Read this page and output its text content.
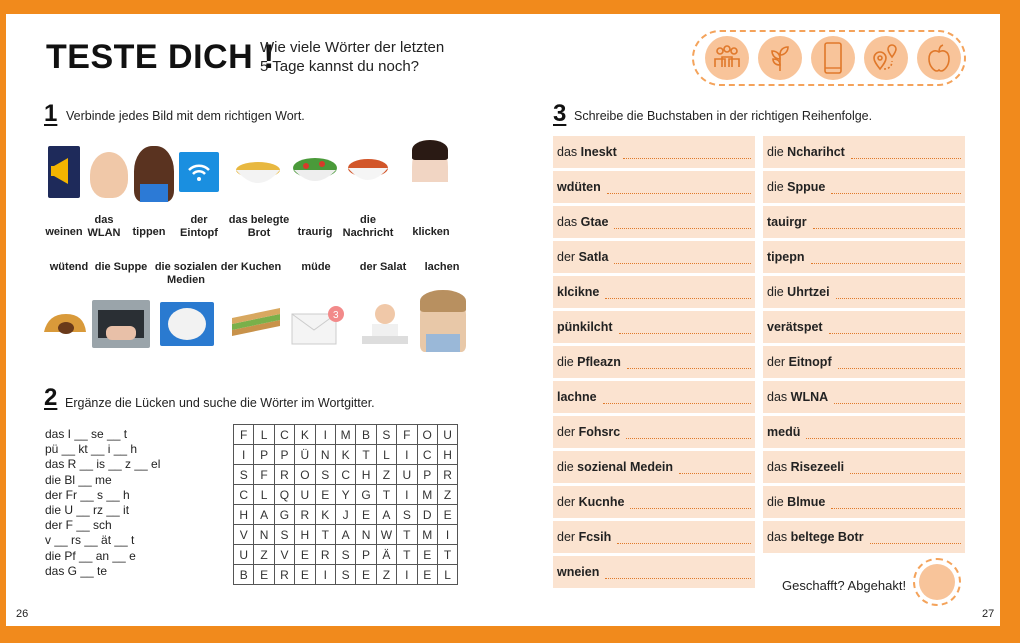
TESTE DICH !
Wie viele Wörter der letzten
5 Tage kannst du noch?
1 Verbinde jedes Bild mit dem richtigen Wort.
weinen
das WLAN	tippen
der Eintopf
das belegte Brot	traurig
die Nachricht	klicken
wütend die Suppe die sozialen Medien
der Kuchen	müde	der Salat	lachen
3
2 Ergänze die Lücken und suche die Wörter im Wortgitter.
das I __ se __ t
pü __ kt __ i __ h
das R __ is __ z __ el
die Bl __ me
der Fr __ s __ h
die U __ rz __ it
der F __ sch
v __ rs __ ät __ t
die Pf __ an __ e
das G __ te
F	L	C	K	I	M	B	S	F	O	U
I	P	P	Ü	N	K	T	L	I	C	H
S	F	R	O	S	C	H	Z	U	P	R
C	L	Q	U	E	Y	G	T	I	M	Z
H	A	G	R	K	J	E	A	S	D	E
V	N	S	H	T	A	N	W	T	M	I
U	Z	V	E	R	S	P	Ä	T	E	T
B	E	R	E	I	S	E	Z	I	E	L
3 Schreibe die Buchstaben in der richtigen Reihenfolge.
das Ineskt
wdüten
das Gtae
der Satla
klcikne
pünkilcht
die Pfleazn
lachne
der Fohsrc
die sozienal Medein
der Kucnhe
der Fcsih
wneien
die Ncharihct
die Sppue
tauirgr
tipepn
die Uhrtzei
verätspet
der Eitnopf
das WLNA
medü
das Risezeeli
die Blmue
das beltege Botr
Geschafft? Abgehakt!
26	27
